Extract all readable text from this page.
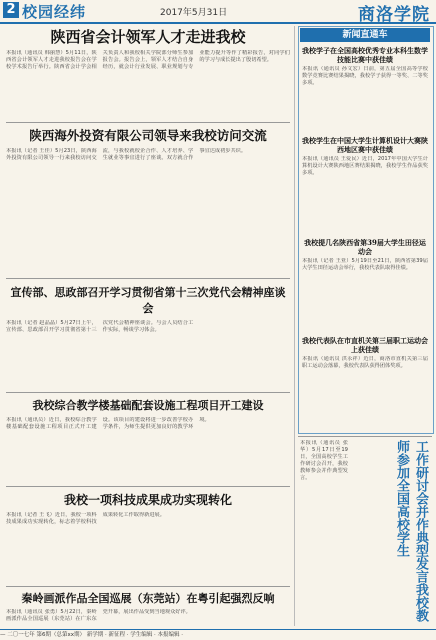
2 校园经纬	2017年5月31日	商洛学院
陕西省会计领军人才走进我校
本报讯（通讯员 韩丽慧）5月11日，陕西省会计领军人才走进我校报告会在学校学术报告厅举行。陕西省会计学会相关负责人和我校相关学院部分师生参加报告会。报告会上，领军人才结合自身经历，就会计行业发展、职业规划与专业能力提升等作了精彩报告，对同学们的学习与成长提出了殷切希望。
陕西海外投资有限公司领导来我校访问交流
本报讯（记者 王佳）5月23日，陕西海外投资有限公司领导一行来我校访问交流，与我校就校企合作、人才培养、学生就业等事宜进行了座谈。双方就合作事宜达成初步共识。
宣传部、思政部召开学习贯彻省第十三次党代会精神座谈会
本报讯（记者 赵晶晶）5月27日上午，宣传部、思政部召开学习贯彻省第十三次党代会精神座谈会。与会人员结合工作实际，畅谈学习体会。
我校综合教学楼基础配套设施工程项目开工建设
本报讯（通讯员）近日，我校综合教学楼基础配套设施工程项目正式开工建设。该项目的建设将进一步改善学校办学条件，为师生提供更加良好的教学环境。
我校一项科技成果成功实现转化
本报讯（记者 王飞）近日，我校一项科技成果成功实现转化，标志着学校科技成果转化工作取得新进展。
秦岭画派作品全国巡展（东莞站）在粤引起强烈反响
本报讯（通讯员 张勇）5月22日，秦岭画派作品全国巡展（东莞站）在广东东莞开幕，展出作品受到当地观众好评。
新闻直通车
我校学子在全国高校优秀专业本科生数学技能比赛中获佳绩
本报讯（通讯员 孙文宏）日前，第五届全国高等学校数学竞赛比赛结果揭晓，我校学子获得一等奖、二等奖多项。
我校学生在中国大学生计算机设计大赛陕西地区赛中获佳绩
本报讯（通讯员 王爱民）近日，2017年中国大学生计算机设计大赛陕西地区赛结果揭晓，我校学生作品获奖多项。
我校提几名陕西省第39届大学生田径运动会
本报讯（记者 王亚）5月19日至21日，陕西省第39届大学生田径运动会举行，我校代表队取得佳绩。
我校代表队在市直机关第三届职工运动会上获佳绩
本报讯（通讯员 洪永祥）近日，商洛市直机关第三届职工运动会落幕，我校代表队获得团体奖项。
本报讯（通讯员 张华）5月17日至19日，全国高校学生工作研讨会召开，我校教师参会并作典型发言。	工作研讨会并作典型发言我校教师参加全国高校学生
— 二〇一七年 第6期（总第xx期） 新学期 · 新征程 · 学生编辑 · 本报编辑 ·
